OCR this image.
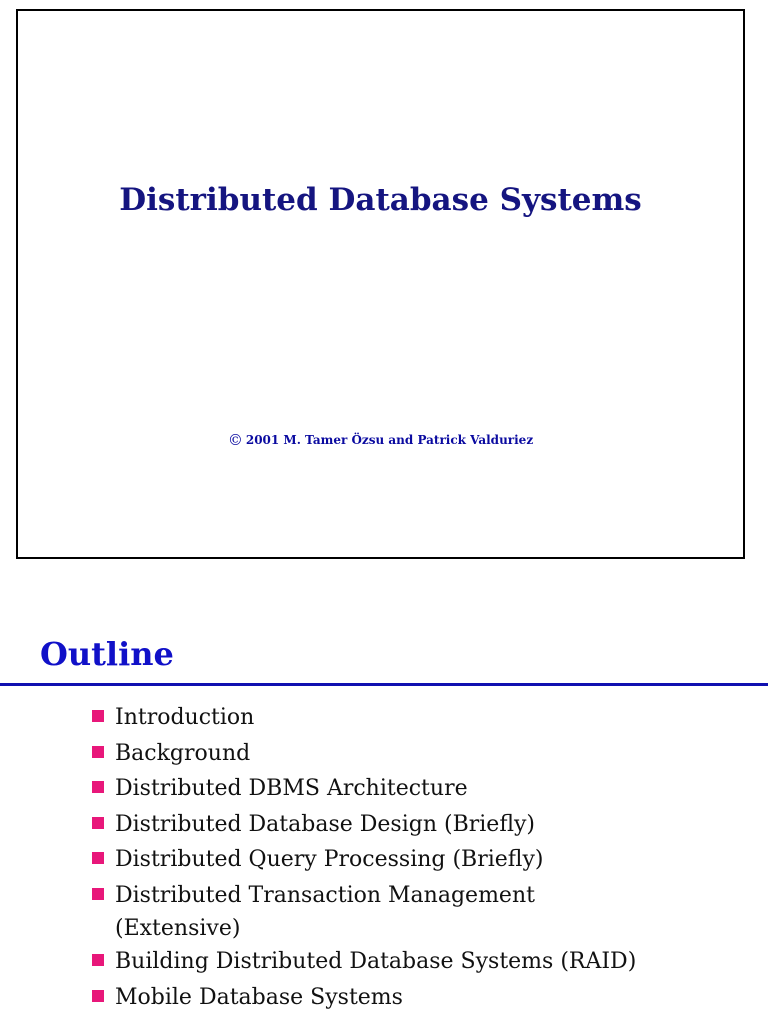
Distributed Database Systems
© 2001 M. Tamer Özsu and Patrick Valduriez
Outline
Introduction
Background
Distributed DBMS Architecture
Distributed Database Design (Briefly)
Distributed Query Processing (Briefly)
Distributed Transaction Management
(Extensive)
Building Distributed Database Systems (RAID)
Mobile Database Systems
